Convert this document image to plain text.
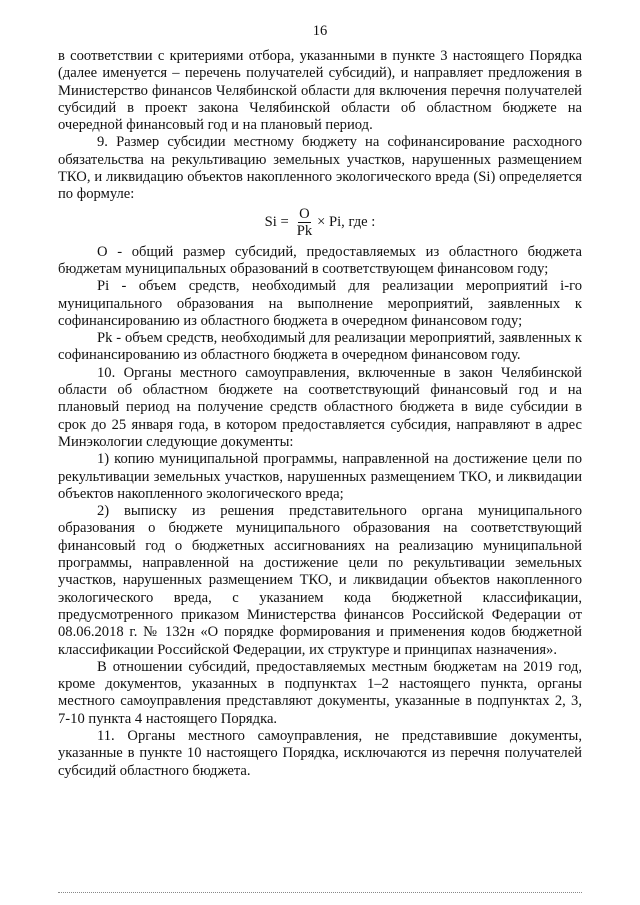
16

в соответствии с критериями отбора, указанными в пункте 3 настоящего Порядка (далее именуется – перечень получателей субсидий), и направляет предложения в Министерство финансов Челябинской области для включения перечня получателей субсидий в проект закона Челябинской области об областном бюджете на очередной финансовый год и на плановый период.

9. Размер субсидии местному бюджету на софинансирование расходного обязательства на рекультивацию земельных участков, нарушенных размещением ТКО, и ликвидацию объектов накопленного экологического вреда (Si) определяется по формуле:

$Si = \frac{O}{Pk} \times Pi$, где :

O - общий размер субсидий, предоставляемых из областного бюджета бюджетам муниципальных образований в соответствующем финансовом году;

Pi - объем средств, необходимый для реализации мероприятий i-го муниципального образования на выполнение мероприятий, заявленных к софинансированию из областного бюджета в очередном финансовом году;

Pk - объем средств, необходимый для реализации мероприятий, заявленных к софинансированию из областного бюджета в очередном финансовом году.

10. Органы местного самоуправления, включенные в закон Челябинской области об областном бюджете на соответствующий финансовый год и на плановый период на получение средств областного бюджета в виде субсидии в срок до 25 января года, в котором предоставляется субсидия, направляют в адрес Минэкологии следующие документы:

1) копию муниципальной программы, направленной на достижение цели по рекультивации земельных участков, нарушенных размещением ТКО, и ликвидации объектов накопленного экологического вреда;

2) выписку из решения представительного органа муниципального образования о бюджете муниципального образования на соответствующий финансовый год о бюджетных ассигнованиях на реализацию муниципальной программы, направленной на достижение цели по рекультивации земельных участков, нарушенных размещением ТКО, и ликвидации объектов накопленного экологического вреда, с указанием кода бюджетной классификации, предусмотренного приказом Министерства финансов Российской Федерации от 08.06.2018 г. № 132н «О порядке формирования и применения кодов бюджетной классификации Российской Федерации, их структуре и принципах назначения».

В отношении субсидий, предоставляемых местным бюджетам на 2019 год, кроме документов, указанных в подпунктах 1–2 настоящего пункта, органы местного самоуправления представляют документы, указанные в подпунктах 2, 3, 7-10 пункта 4 настоящего Порядка.

11. Органы местного самоуправления, не представившие документы, указанные в пункте 10 настоящего Порядка, исключаются из перечня получателей субсидий областного бюджета.
